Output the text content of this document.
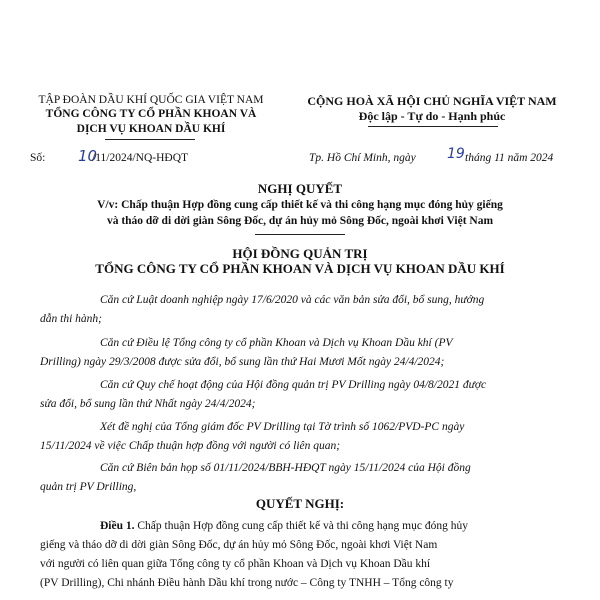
TẬP ĐOÀN DẦU KHÍ QUỐC GIA VIỆT NAM
TỔNG CÔNG TY CỔ PHẦN KHOAN VÀ
DỊCH VỤ KHOAN DẦU KHÍ
CỘNG HOÀ XÃ HỘI CHỦ NGHĨA VIỆT NAM
Độc lập - Tự do - Hạnh phúc
Số: 10
/11/2024/NQ-HĐQT	Tp. Hồ Chí Minh, ngày 19 tháng 11 năm 2024
NGHỊ QUYẾT
V/v: Chấp thuận Hợp đồng cung cấp thiết kế và thi công hạng mục đóng hủy giếng
và tháo dỡ di dời giàn Sông Đốc, dự án hủy mỏ Sông Đốc, ngoài khơi Việt Nam
HỘI ĐỒNG QUẢN TRỊ
TỔNG CÔNG TY CỔ PHẦN KHOAN VÀ DỊCH VỤ KHOAN DẦU KHÍ
Căn cứ Luật doanh nghiệp ngày 17/6/2020 và các văn bản sửa đổi, bổ sung, hướng
dẫn thi hành;
Căn cứ Điều lệ Tổng công ty cổ phần Khoan và Dịch vụ Khoan Dầu khí (PV
Drilling) ngày 29/3/2008 được sửa đổi, bổ sung lần thứ Hai Mươi Mốt ngày 24/4/2024;
Căn cứ Quy chế hoạt động của Hội đồng quản trị PV Drilling ngày 04/8/2021 được
sửa đổi, bổ sung lần thứ Nhất ngày 24/4/2024;
Xét đề nghị của Tổng giám đốc PV Drilling tại Tờ trình số 1062/PVD-PC ngày
15/11/2024 về việc Chấp thuận hợp đồng với người có liên quan;
Căn cứ Biên bản họp số 01/11/2024/BBH-HĐQT ngày 15/11/2024 của Hội đồng
quản trị PV Drilling,
QUYẾT NGHỊ:
Điều 1. Chấp thuận Hợp đồng cung cấp thiết kế và thi công hạng mục đóng hủy
giếng và tháo dỡ di dời giàn Sông Đốc, dự án hủy mỏ Sông Đốc, ngoài khơi Việt Nam
với người có liên quan giữa Tổng công ty cổ phần Khoan và Dịch vụ Khoan Dầu khí
(PV Drilling), Chi nhánh Điều hành Dầu khí trong nước – Công ty TNHH – Tổng công ty
